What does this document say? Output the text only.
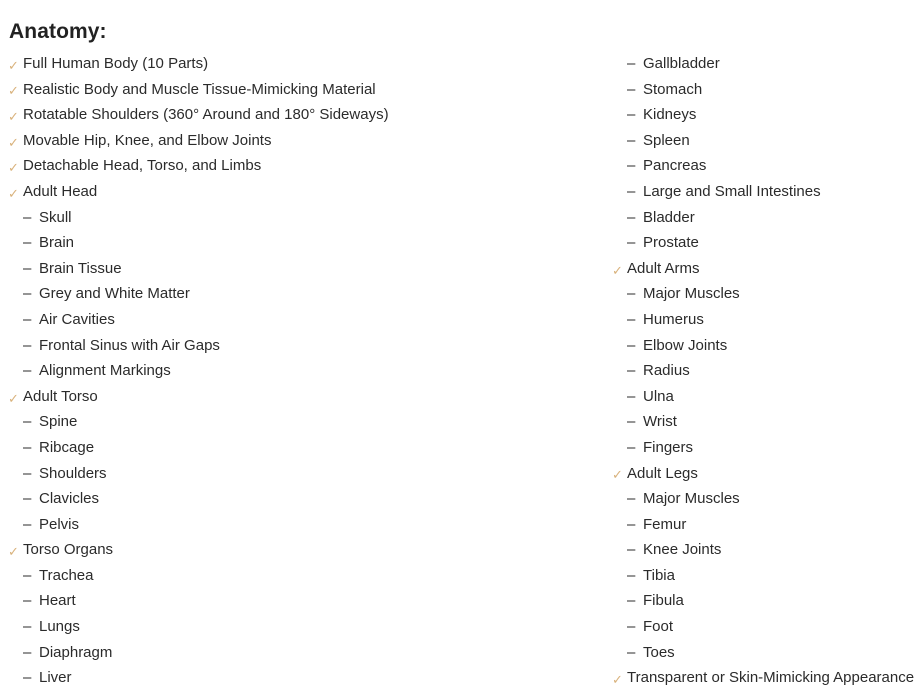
Anatomy:
✓ Full Human Body (10 Parts)
✓ Realistic Body and Muscle Tissue-Mimicking Material
✓ Rotatable Shoulders (360° Around and 180° Sideways)
✓ Movable Hip, Knee, and Elbow Joints
✓ Detachable Head, Torso, and Limbs
✓ Adult Head
– Skull
– Brain
– Brain Tissue
– Grey and White Matter
– Air Cavities
– Frontal Sinus with Air Gaps
– Alignment Markings
✓ Adult Torso
– Spine
– Ribcage
– Shoulders
– Clavicles
– Pelvis
✓ Torso Organs
– Trachea
– Heart
– Lungs
– Diaphragm
– Liver
– Gallbladder
– Stomach
– Kidneys
– Spleen
– Pancreas
– Large and Small Intestines
– Bladder
– Prostate
✓ Adult Arms
– Major Muscles
– Humerus
– Elbow Joints
– Radius
– Ulna
– Wrist
– Fingers
✓ Adult Legs
– Major Muscles
– Femur
– Knee Joints
– Tibia
– Fibula
– Foot
– Toes
✓ Transparent or Skin-Mimicking Appearance
